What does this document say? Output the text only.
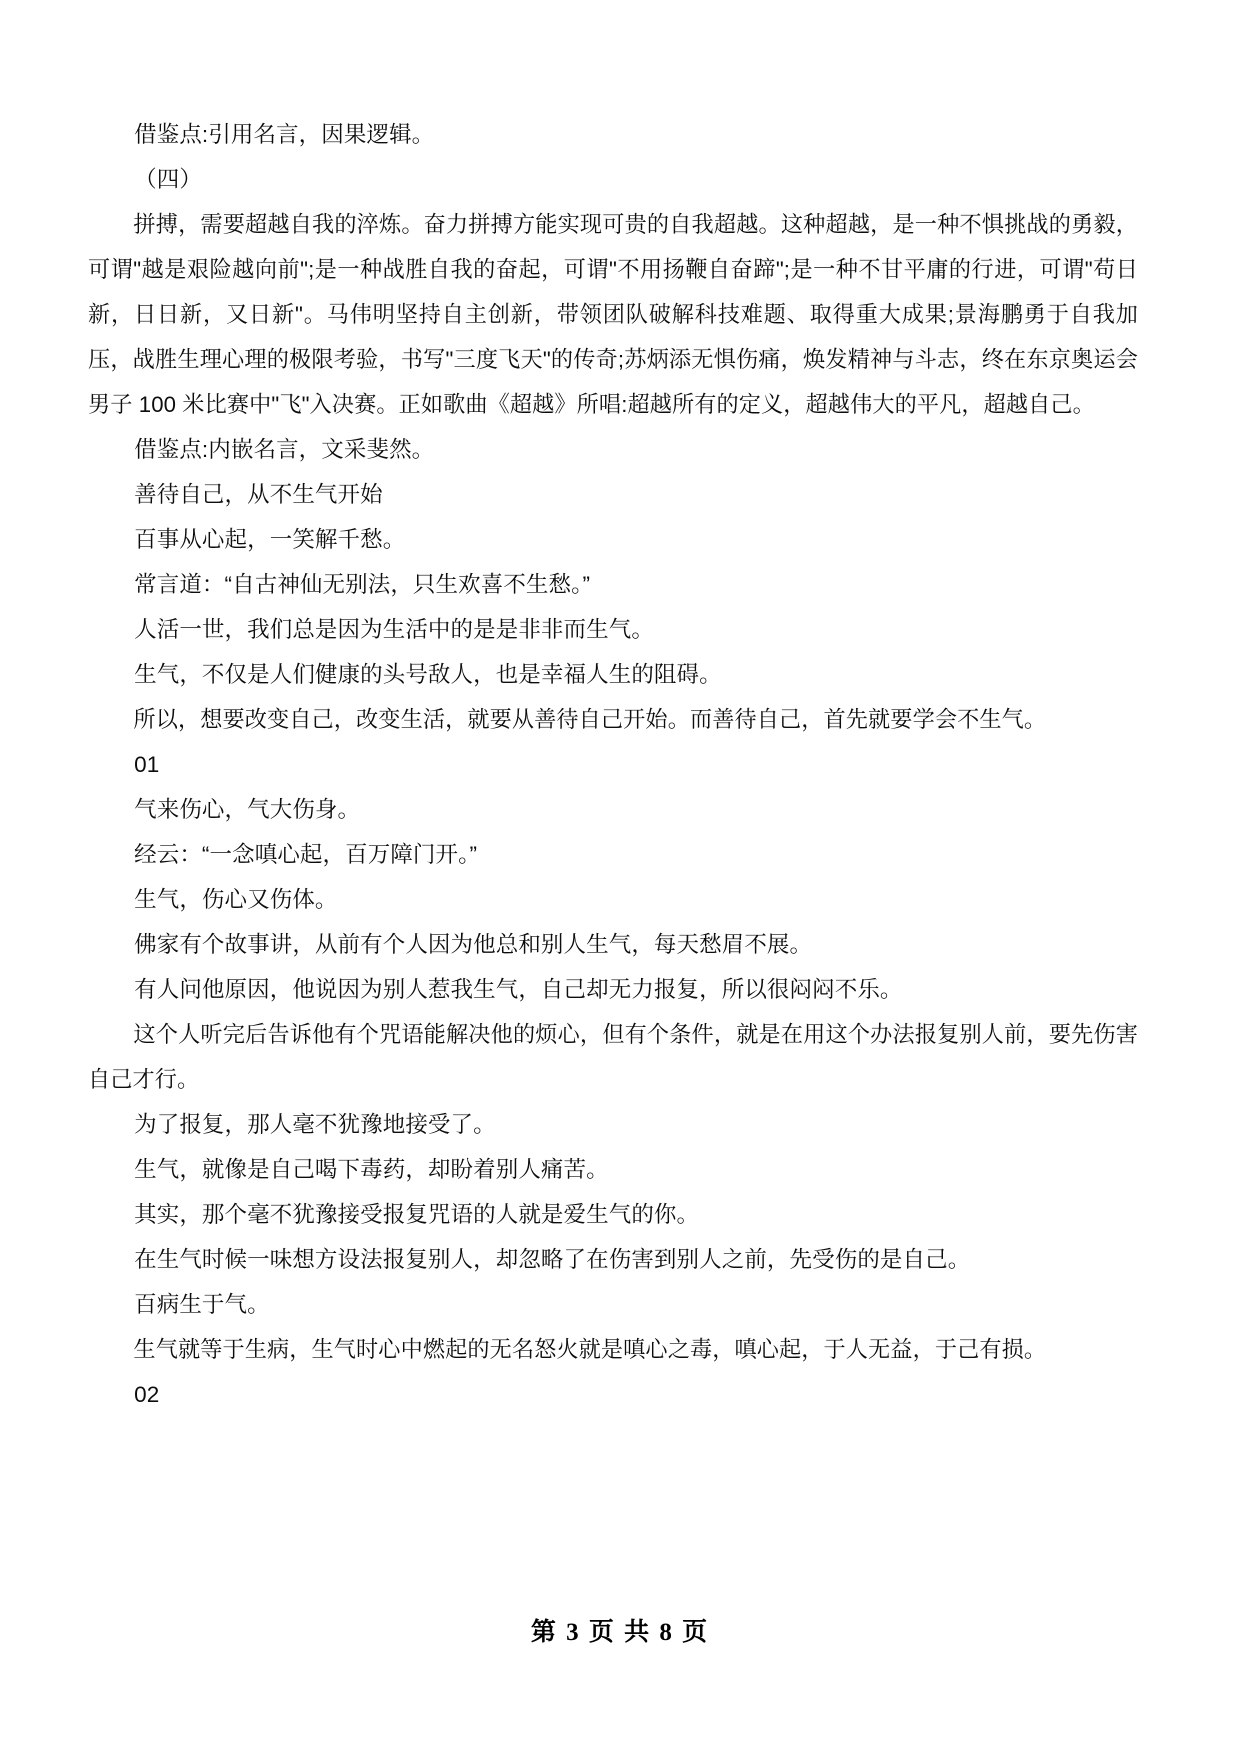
借鉴点:引用名言，因果逻辑。

（四）

拼搏，需要超越自我的淬炼。奋力拼搏方能实现可贵的自我超越。这种超越，是一种不惧挑战的勇毅，可谓"越是艰险越向前";是一种战胜自我的奋起，可谓"不用扬鞭自奋蹄";是一种不甘平庸的行进，可谓"苟日新，日日新，又日新"。马伟明坚持自主创新，带领团队破解科技难题、取得重大成果;景海鹏勇于自我加压，战胜生理心理的极限考验，书写"三度飞天"的传奇;苏炳添无惧伤痛，焕发精神与斗志，终在东京奥运会男子 100 米比赛中"飞"入决赛。正如歌曲《超越》所唱:超越所有的定义，超越伟大的平凡，超越自己。

借鉴点:内嵌名言，文采斐然。

善待自己，从不生气开始

百事从心起，一笑解千愁。

常言道：“自古神仙无别法，只生欢喜不生愁。”

人活一世，我们总是因为生活中的是是非非而生气。

生气，不仅是人们健康的头号敌人，也是幸福人生的阻碍。

所以，想要改变自己，改变生活，就要从善待自己开始。而善待自己，首先就要学会不生气。

01

气来伤心，气大伤身。

经云：“一念嗔心起，百万障门开。”

生气，伤心又伤体。

佛家有个故事讲，从前有个人因为他总和别人生气，每天愁眉不展。

有人问他原因，他说因为别人惹我生气，自己却无力报复，所以很闷闷不乐。

这个人听完后告诉他有个咒语能解决他的烦心，但有个条件，就是在用这个办法报复别人前，要先伤害自己才行。

为了报复，那人毫不犹豫地接受了。

生气，就像是自己喝下毒药，却盼着别人痛苦。

其实，那个毫不犹豫接受报复咒语的人就是爱生气的你。

在生气时候一味想方设法报复别人，却忽略了在伤害到别人之前，先受伤的是自己。

百病生于气。

生气就等于生病，生气时心中燃起的无名怒火就是嗔心之毒，嗔心起，于人无益，于己有损。

02

第 3 页 共 8 页
